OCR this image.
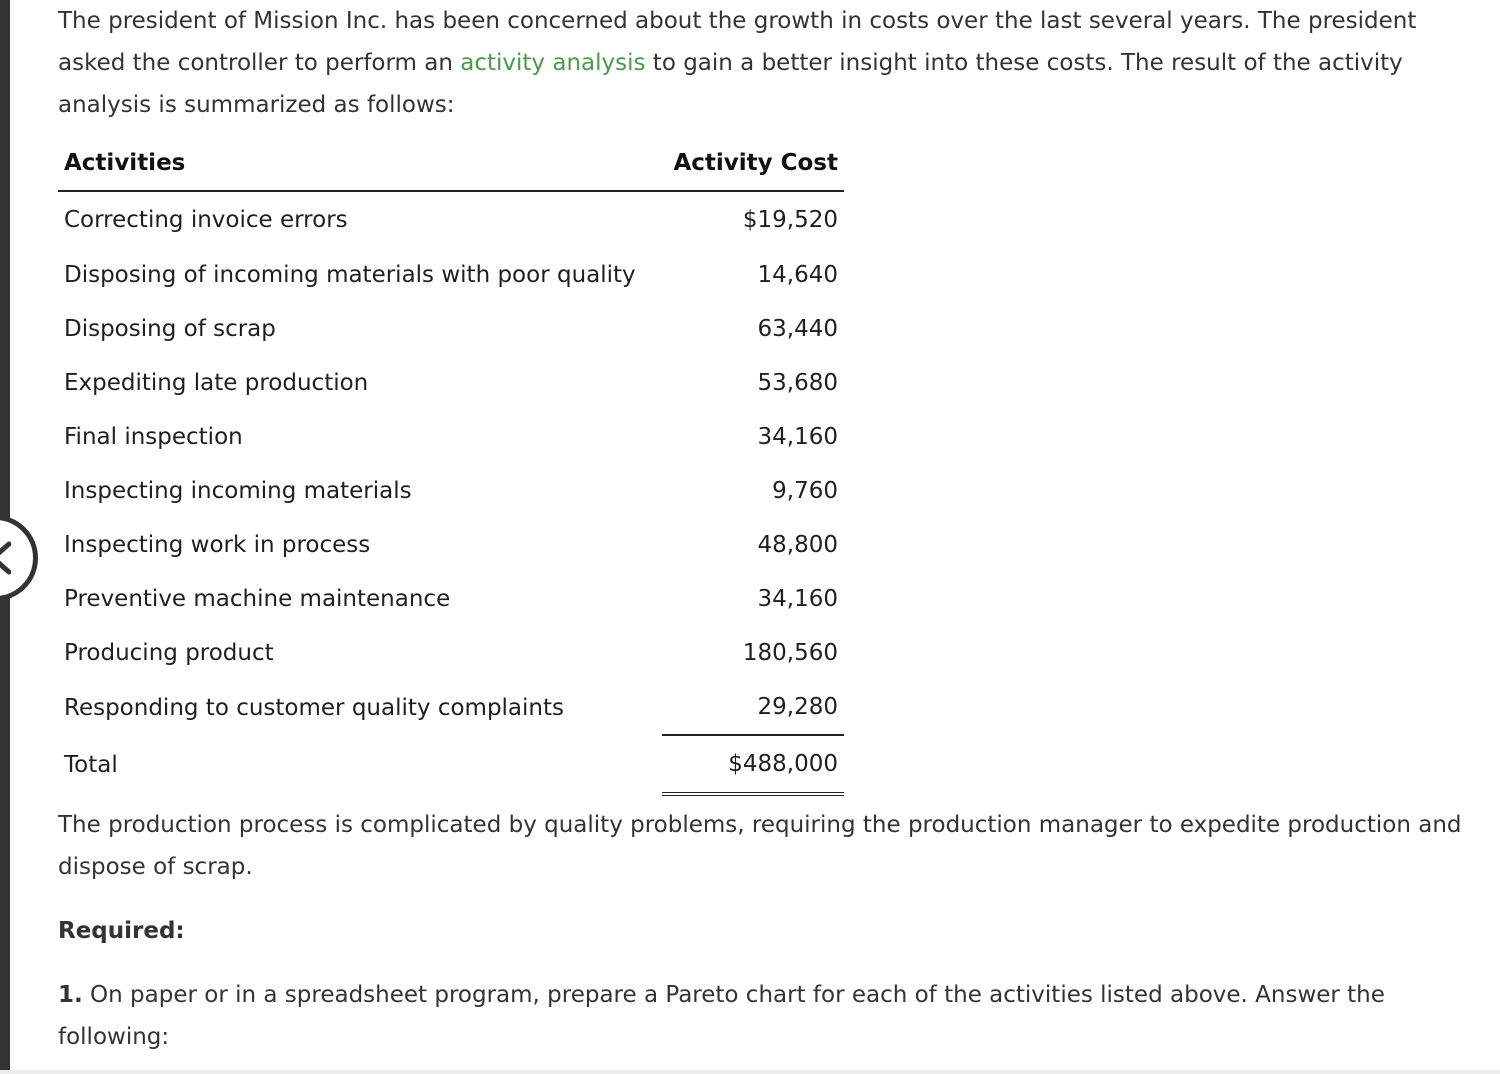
The president of Mission Inc. has been concerned about the growth in costs over the last several years. The president asked the controller to perform an activity analysis to gain a better insight into these costs. The result of the activity analysis is summarized as follows:

Activities	Activity Cost
Correcting invoice errors	$19,520
Disposing of incoming materials with poor quality	14,640
Disposing of scrap	63,440
Expediting late production	53,680
Final inspection	34,160
Inspecting incoming materials	9,760
Inspecting work in process	48,800
Preventive machine maintenance	34,160
Producing product	180,560
Responding to customer quality complaints	29,280
Total	$488,000

The production process is complicated by quality problems, requiring the production manager to expedite production and dispose of scrap.

Required:

1. On paper or in a spreadsheet program, prepare a Pareto chart for each of the activities listed above. Answer the following:
